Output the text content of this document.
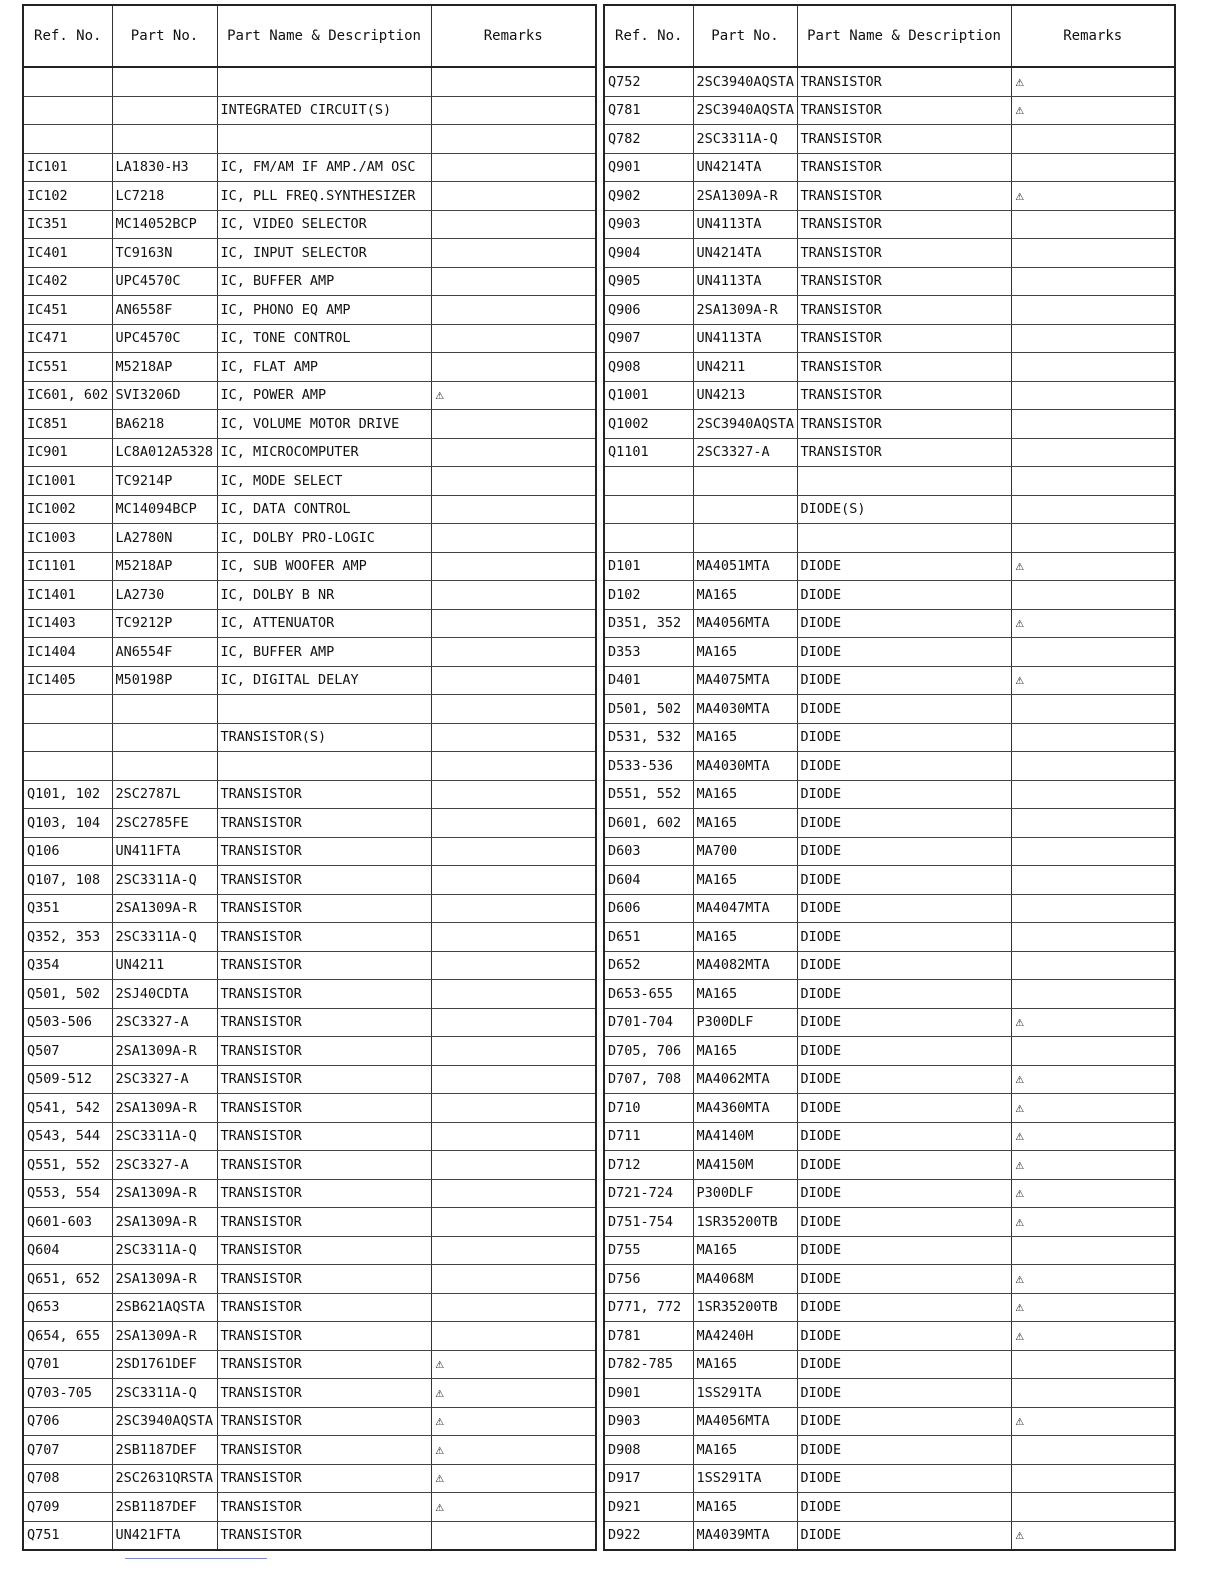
Ref. No.	Part No.	Part Name & Description	Remarks

		INTEGRATED CIRCUIT(S)	

IC101	LA1830-H3	IC, FM/AM IF AMP./AM OSC	
IC102	LC7218	IC, PLL FREQ.SYNTHESIZER	
IC351	MC14052BCP	IC, VIDEO SELECTOR	
IC401	TC9163N	IC, INPUT SELECTOR	
IC402	UPC4570C	IC, BUFFER AMP	
IC451	AN6558F	IC, PHONO EQ AMP	
IC471	UPC4570C	IC, TONE CONTROL	
IC551	M5218AP	IC, FLAT AMP	
IC601, 602	SVI3206D	IC, POWER AMP	⚠
IC851	BA6218	IC, VOLUME MOTOR DRIVE	
IC901	LC8A012A5328	IC, MICROCOMPUTER	
IC1001	TC9214P	IC, MODE SELECT	
IC1002	MC14094BCP	IC, DATA CONTROL	
IC1003	LA2780N	IC, DOLBY PRO-LOGIC	
IC1101	M5218AP	IC, SUB WOOFER AMP	
IC1401	LA2730	IC, DOLBY B NR	
IC1403	TC9212P	IC, ATTENUATOR	
IC1404	AN6554F	IC, BUFFER AMP	
IC1405	M50198P	IC, DIGITAL DELAY	

		TRANSISTOR(S)	

Q101, 102	2SC2787L	TRANSISTOR	
Q103, 104	2SC2785FE	TRANSISTOR	
Q106	UN411FTA	TRANSISTOR	
Q107, 108	2SC3311A-Q	TRANSISTOR	
Q351	2SA1309A-R	TRANSISTOR	
Q352, 353	2SC3311A-Q	TRANSISTOR	
Q354	UN4211	TRANSISTOR	
Q501, 502	2SJ40CDTA	TRANSISTOR	
Q503-506	2SC3327-A	TRANSISTOR	
Q507	2SA1309A-R	TRANSISTOR	
Q509-512	2SC3327-A	TRANSISTOR	
Q541, 542	2SA1309A-R	TRANSISTOR	
Q543, 544	2SC3311A-Q	TRANSISTOR	
Q551, 552	2SC3327-A	TRANSISTOR	
Q553, 554	2SA1309A-R	TRANSISTOR	
Q601-603	2SA1309A-R	TRANSISTOR	
Q604	2SC3311A-Q	TRANSISTOR	
Q651, 652	2SA1309A-R	TRANSISTOR	
Q653	2SB621AQSTA	TRANSISTOR	
Q654, 655	2SA1309A-R	TRANSISTOR	
Q701	2SD1761DEF	TRANSISTOR	⚠
Q703-705	2SC3311A-Q	TRANSISTOR	⚠
Q706	2SC3940AQSTA	TRANSISTOR	⚠
Q707	2SB1187DEF	TRANSISTOR	⚠
Q708	2SC2631QRSTA	TRANSISTOR	⚠
Q709	2SB1187DEF	TRANSISTOR	⚠
Q751	UN421FTA	TRANSISTOR	
Ref. No.	Part No.	Part Name & Description	Remarks
Q752	2SC3940AQSTA	TRANSISTOR	⚠
Q781	2SC3940AQSTA	TRANSISTOR	⚠
Q782	2SC3311A-Q	TRANSISTOR	
Q901	UN4214TA	TRANSISTOR	
Q902	2SA1309A-R	TRANSISTOR	⚠
Q903	UN4113TA	TRANSISTOR	
Q904	UN4214TA	TRANSISTOR	
Q905	UN4113TA	TRANSISTOR	
Q906	2SA1309A-R	TRANSISTOR	
Q907	UN4113TA	TRANSISTOR	
Q908	UN4211	TRANSISTOR	
Q1001	UN4213	TRANSISTOR	
Q1002	2SC3940AQSTA	TRANSISTOR	
Q1101	2SC3327-A	TRANSISTOR	

		DIODE(S)	

D101	MA4051MTA	DIODE	⚠
D102	MA165	DIODE	
D351, 352	MA4056MTA	DIODE	⚠
D353	MA165	DIODE	
D401	MA4075MTA	DIODE	⚠
D501, 502	MA4030MTA	DIODE	
D531, 532	MA165	DIODE	
D533-536	MA4030MTA	DIODE	
D551, 552	MA165	DIODE	
D601, 602	MA165	DIODE	
D603	MA700	DIODE	
D604	MA165	DIODE	
D606	MA4047MTA	DIODE	
D651	MA165	DIODE	
D652	MA4082MTA	DIODE	
D653-655	MA165	DIODE	
D701-704	P300DLF	DIODE	⚠
D705, 706	MA165	DIODE	
D707, 708	MA4062MTA	DIODE	⚠
D710	MA4360MTA	DIODE	⚠
D711	MA4140M	DIODE	⚠
D712	MA4150M	DIODE	⚠
D721-724	P300DLF	DIODE	⚠
D751-754	1SR35200TB	DIODE	⚠
D755	MA165	DIODE	
D756	MA4068M	DIODE	⚠
D771, 772	1SR35200TB	DIODE	⚠
D781	MA4240H	DIODE	⚠
D782-785	MA165	DIODE	
D901	1SS291TA	DIODE	
D903	MA4056MTA	DIODE	⚠
D908	MA165	DIODE	
D917	1SS291TA	DIODE	
D921	MA165	DIODE	
D922	MA4039MTA	DIODE	⚠
